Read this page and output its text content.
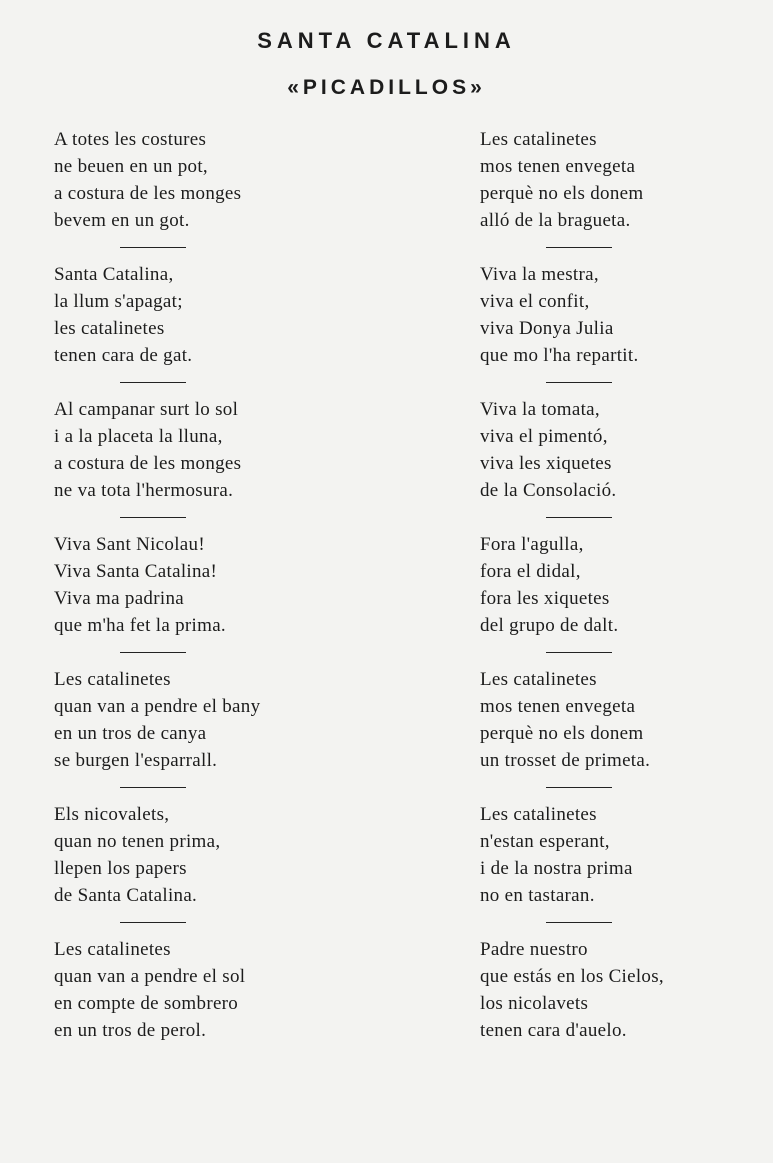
SANTA CATALINA
«PICADILLOS»
A totes les costures
ne beuen en un pot,
a costura de les monges
bevem en un got.
Santa Catalina,
la llum s'apagat;
les catalinetes
tenen cara de gat.
Al campanar surt lo sol
i a la placeta la lluna,
a costura de les monges
ne va tota l'hermosura.
Viva Sant Nicolau!
Viva Santa Catalina!
Viva ma padrina
que m'ha fet la prima.
Les catalinetes
quan van a pendre el bany
en un tros de canya
se burgen l'esparrall.
Els nicovalets,
quan no tenen prima,
llepen los papers
de Santa Catalina.
Les catalinetes
quan van a pendre el sol
en compte de sombrero
en un tros de perol.
Les catalinetes
mos tenen envegeta
perquè no els donem
alló de la bragueta.
Viva la mestra,
viva el confit,
viva Donya Julia
que mo l'ha repartit.
Viva la tomata,
viva el pimentó,
viva les xiquetes
de la Consolació.
Fora l'agulla,
fora el didal,
fora les xiquetes
del grupo de dalt.
Les catalinetes
mos tenen envegeta
perquè no els donem
un trosset de primeta.
Les catalinetes
n'estan esperant,
i de la nostra prima
no en tastaran.
Padre nuestro
que estás en los Cielos,
los nicolavets
tenen cara d'auelo.
